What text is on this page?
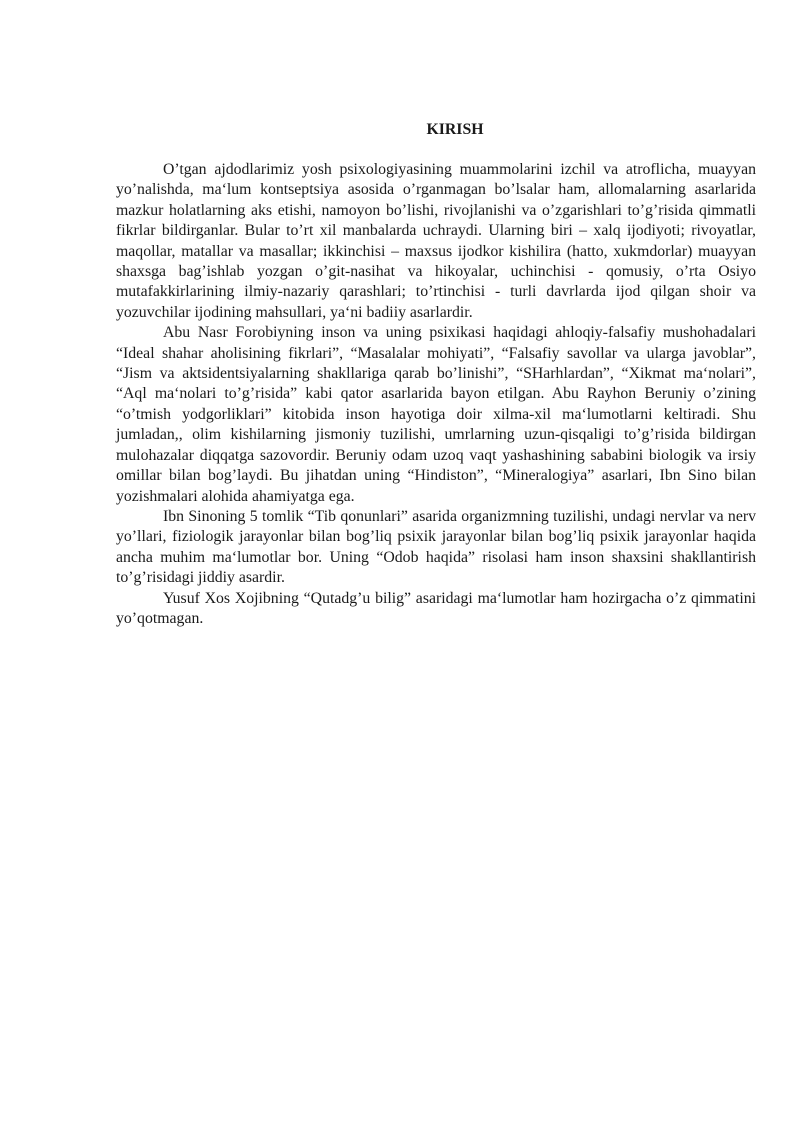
KIRISH

O’tgan ajdodlarimiz yosh psixologiyasining muammolarini izchil va atroflicha, muayyan yo’nalishda, ma‘lum kontseptsiya asosida o’rganmagan bo’lsalar ham, allomalarning asarlarida mazkur holatlarning aks etishi, namoyon bo’lishi, rivojlanishi va o’zgarishlari to’g’risida qimmatli fikrlar bildirganlar. Bular to’rt xil manbalarda uchraydi. Ularning biri – xalq ijodiyoti; rivoyatlar, maqollar, matallar va masallar; ikkinchisi – maxsus ijodkor kishilira (hatto, xukmdorlar) muayyan shaxsga bag’ishlab yozgan o’git-nasihat va hikoyalar, uchinchisi - qomusiy, o’rta Osiyo mutafakkirlarining ilmiy-nazariy qarashlari; to’rtinchisi - turli davrlarda ijod qilgan shoir va yozuvchilar ijodining mahsullari, ya‘ni badiiy asarlardir.

Abu Nasr Forobiyning inson va uning psixikasi haqidagi ahloqiy-falsafiy mushohadalari “Ideal shahar aholisining fikrlari”, “Masalalar mohiyati”, “Falsafiy savollar va ularga javoblar”, “Jism va aktsidentsiyalarning shakllariga qarab bo’linishi”, “SHarhlardan”, “Xikmat ma‘nolari”, “Aql ma‘nolari to’g’risida” kabi qator asarlarida bayon etilgan. Abu Rayhon Beruniy o’zining “o’tmish yodgorliklari” kitobida inson hayotiga doir xilma-xil ma‘lumotlarni keltiradi. Shu jumladan,, olim kishilarning jismoniy tuzilishi, umrlarning uzun-qisqaligi to’g’risida bildirgan mulohazalar diqqatga sazovordir. Beruniy odam uzoq vaqt yashashining sababini biologik va irsiy omillar bilan bog’laydi. Bu jihatdan uning “Hindiston”, “Mineralogiya” asarlari, Ibn Sino bilan yozishmalari alohida ahamiyatga ega.

Ibn Sinoning 5 tomlik “Tib qonunlari” asarida organizmning tuzilishi, undagi nervlar va nerv yo’llari, fiziologik jarayonlar bilan bog’liq psixik jarayonlar bilan bog’liq psixik jarayonlar haqida ancha muhim ma‘lumotlar bor. Uning “Odob haqida” risolasi ham inson shaxsini shakllantirish to’g’risidagi jiddiy asardir.

Yusuf Xos Xojibning “Qutadg’u bilig” asaridagi ma‘lumotlar ham hozirgacha o’z qimmatini yo’qotmagan.
